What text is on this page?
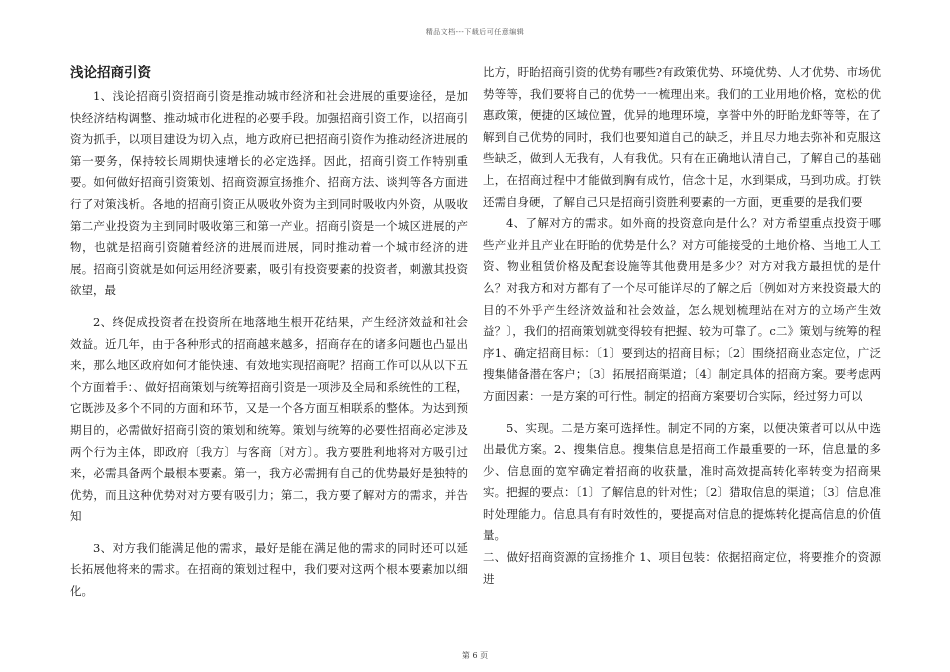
精品文档---下载后可任意编辑
浅论招商引资

1、浅论招商引资招商引资是推动城市经济和社会进展的重要途径，是加快经济结构调整、推动城市化进程的必要手段。加强招商引资工作，以招商引资为抓手，以项目建设为切入点，地方政府已把招商引资作为推动经济进展的第一要务，保持较长周期快速增长的必定选择。因此，招商引资工作特别重要。如何做好招商引资策划、招商资源宣扬推介、招商方法、谈判等各方面进行了对策浅析。各地的招商引资正从吸收外资为主到同时吸收内外资，从吸收第二产业投资为主到同时吸收第三和第一产业。招商引资是一个城区进展的产物，也就是招商引资随着经济的进展而进展，同时推动着一个城市经济的进展。招商引资就是如何运用经济要素，吸引有投资要素的投资者，刺激其投资欲望，最

2、终促成投资者在投资所在地落地生根开花结果，产生经济效益和社会效益。近几年，由于各种形式的招商越来越多，招商存在的诸多问题也凸显出来，那么地区政府如何才能快速、有效地实现招商呢？招商工作可以从以下五个方面着手：、做好招商策划与统筹招商引资是一项涉及全局和系统性的工程，它既涉及多个不同的方面和环节，又是一个各方面互相联系的整体。为达到预期目的，必需做好招商引资的策划和统筹。策划与统筹的必要性招商必定涉及两个行为主体，即政府〔我方〕与客商〔对方〕。我方要胜利地将对方吸引过来，必需具备两个最根本要素。第一，我方必需拥有自己的优势最好是独特的优势，而且这种优势对对方要有吸引力；第二，我方要了解对方的需求，并告知

3、对方我们能满足他的需求，最好是能在满足他的需求的同时还可以延长拓展他将来的需求。在招商的策划过程中，我们要对这两个根本要素加以细化。

比方，盱眙招商引资的优势有哪些?有政策优势、环境优势、人才优势、市场优势等等，我们要将自己的优势一一梳理出来。我们的工业用地价格，宽松的优惠政策，便捷的区域位置，优异的地理环境，享誉中外的盱眙龙虾等等，在了解到自己优势的同时，我们也要知道自己的缺乏，并且尽力地去弥补和克服这些缺乏，做到人无我有，人有我优。只有在正确地认清自己，了解自己的基础上，在招商过程中才能做到胸有成竹，信念十足，水到渠成，马到功成。打铁还需自身硬，了解自己只是招商引资胜利要素的一方面，更重要的是我们要

4、了解对方的需求。如外商的投资意向是什么？对方希望重点投资于哪些产业并且产业在盱眙的优势是什么？对方可能接受的土地价格、当地工人工资、物业租赁价格及配套设施等其他费用是多少？对方对我方最担忧的是什么？对我方和对方都有了一个尽可能详尽的了解之后〔例如对方来投资最大的目的不外乎产生经济效益和社会效益，怎么规划梳理站在对方的立场产生效益？〕，我们的招商策划就变得较有把握、较为可靠了。c二》策划与统筹的程序1、确定招商目标：〔1〕要到达的招商目标；〔2〕围绕招商业态定位，广泛搜集储备潜在客户；〔3〕拓展招商渠道；〔4〕制定具体的招商方案。要考虑两方面因素：一是方案的可行性。制定的招商方案要切合实际，经过努力可以

5、实现。二是方案可选择性。制定不同的方案，以便决策者可以从中选出最优方案。2、搜集信息。搜集信息是招商工作最重要的一环，信息量的多少、信息面的宽窄确定着招商的收获量，准时高效提高转化率转变为招商果实。把握的要点：〔1〕了解信息的针对性；〔2〕猎取信息的渠道；〔3〕信息准时处理能力。信息具有有时效性的，要提高对信息的提炼转化提高信息的价值量。

二、做好招商资源的宣扬推介 1、项目包装：依据招商定位，将要推介的资源进

第 6 页
